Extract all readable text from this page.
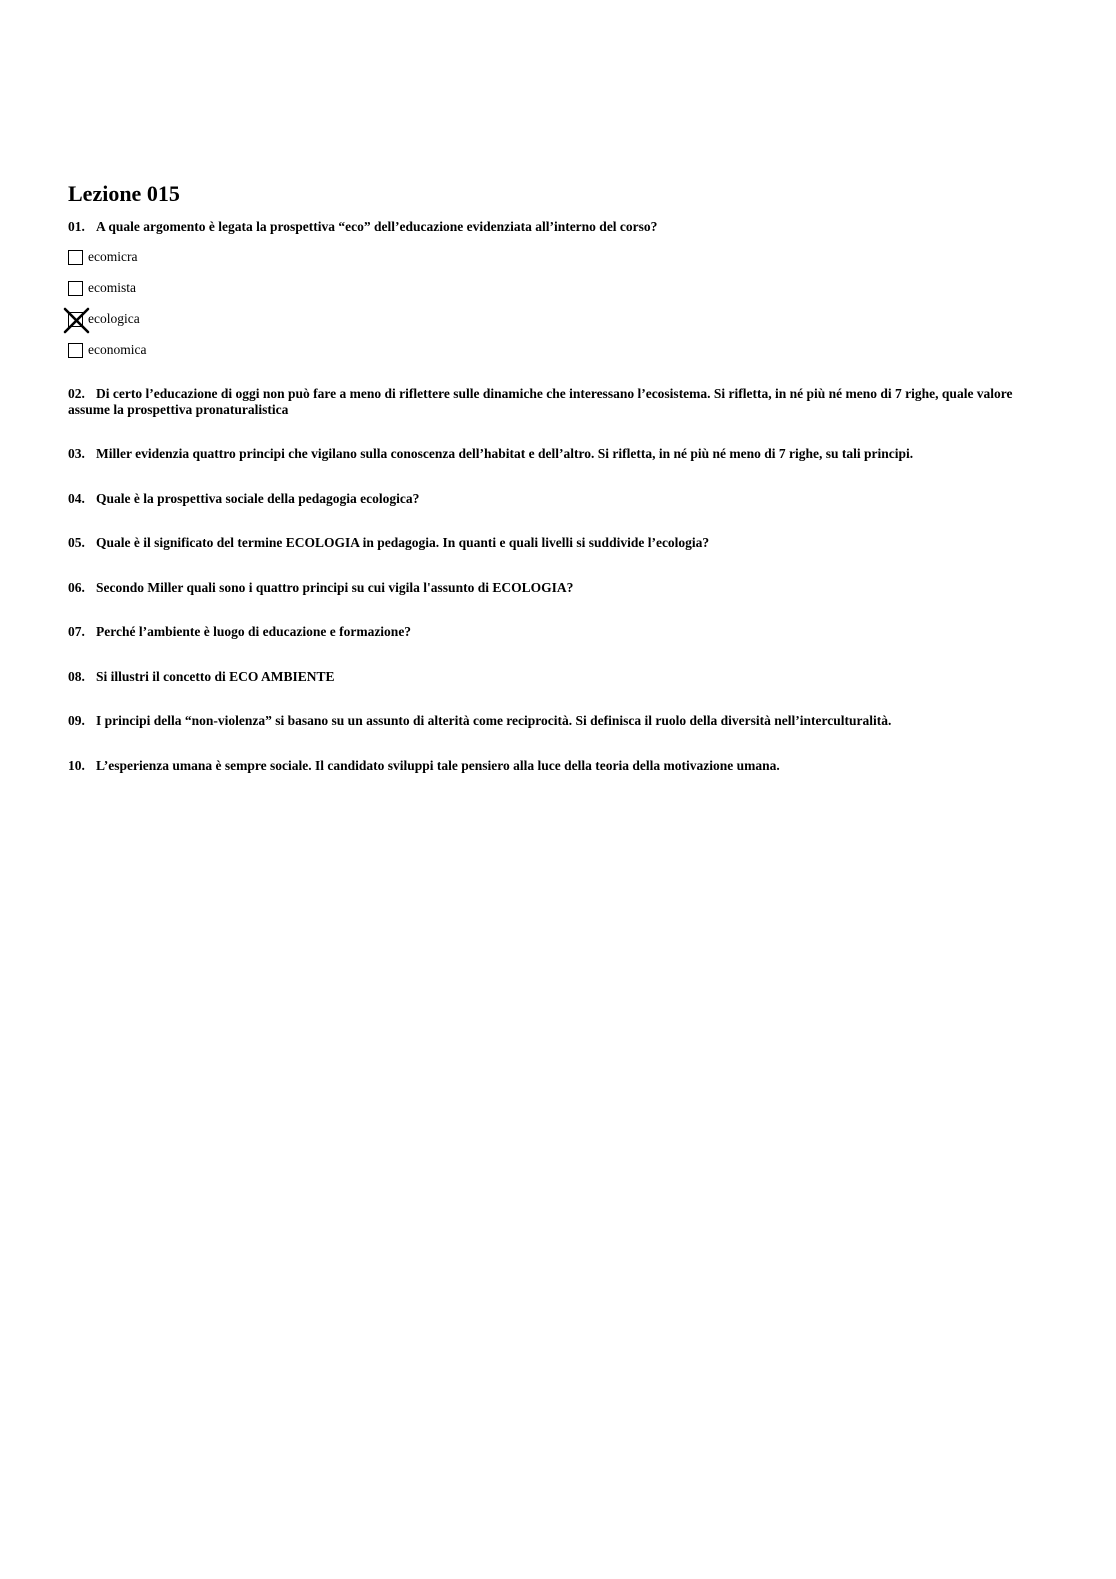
Lezione 015

01. A quale argomento è legata la prospettiva “eco” dell’educazione evidenziata all’interno del corso?

ecomicra
ecomista
ecologica
economica

02. Di certo l’educazione di oggi non può fare a meno di riflettere sulle dinamiche che interessano l’ecosistema. Si rifletta, in né più né meno di 7 righe, quale valore assume la prospettiva pronaturalistica

03. Miller evidenzia quattro principi che vigilano sulla conoscenza dell’habitat e dell’altro. Si rifletta, in né più né meno di 7 righe, su tali principi.

04. Quale è la prospettiva sociale della pedagogia ecologica?

05. Quale è il significato del termine ECOLOGIA in pedagogia. In quanti e quali livelli si suddivide l’ecologia?

06. Secondo Miller quali sono i quattro principi su cui vigila l'assunto di ECOLOGIA?

07. Perché l’ambiente è luogo di educazione e formazione?

08. Si illustri il concetto di ECO AMBIENTE

09. I principi della “non-violenza” si basano su un assunto di alterità come reciprocità. Si definisca il ruolo della diversità nell’interculturalità.

10. L’esperienza umana è sempre sociale. Il candidato sviluppi tale pensiero alla luce della teoria della motivazione umana.
